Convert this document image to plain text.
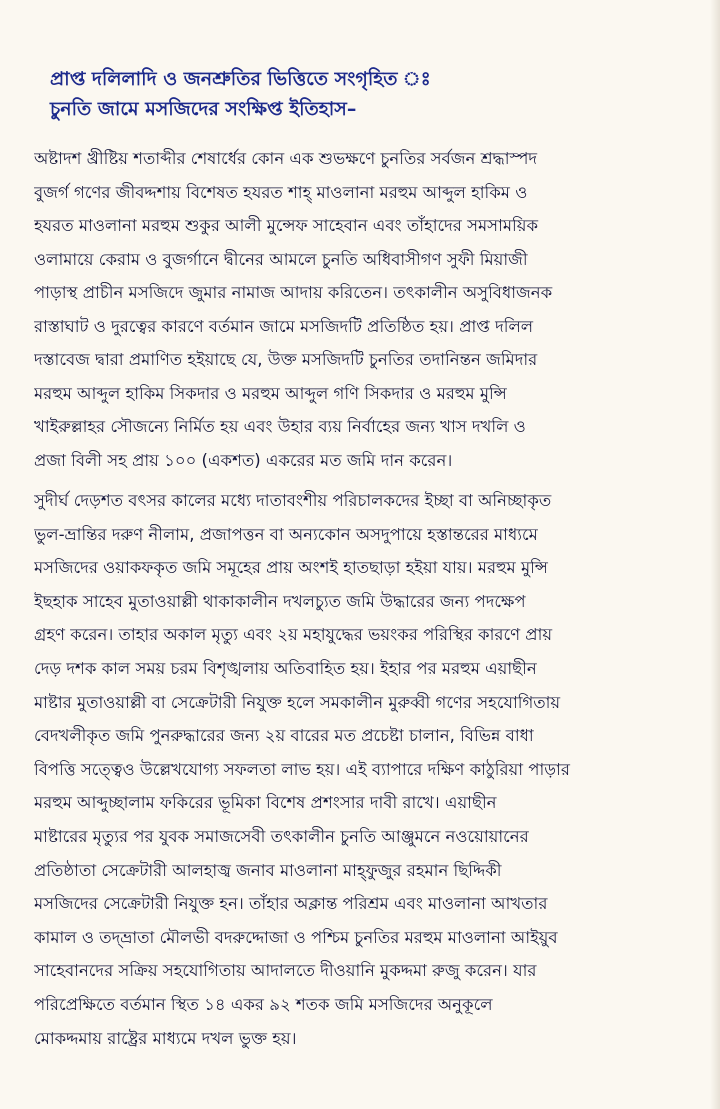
প্রাপ্ত দলিলাদি ও জনশ্রুতির ভিত্তিতে সংগৃহিত ঃ
চুনতি জামে মসজিদের সংক্ষিপ্ত ইতিহাস–
অষ্টাদশ খ্রীষ্টিয় শতাব্দীর শেষার্ধের কোন এক শুভক্ষণে চুনতির সর্বজন শ্রদ্ধাস্পদ
বুজর্গ গণের জীবদ্দশায় বিশেষত হযরত শাহ্ মাওলানা মরহুম আব্দুল হাকিম ও
হযরত মাওলানা মরহুম শুকুর আলী মুন্সেফ সাহেবান এবং তাঁহাদের সমসাময়িক
ওলামায়ে কেরাম ও বুজর্গানে দ্বীনের আমলে চুনতি অধিবাসীগণ সুফী মিয়াজী
পাড়াস্থ প্রাচীন মসজিদে জুমার নামাজ আদায় করিতেন। তৎকালীন অসুবিধাজনক
রাস্তাঘাট ও দুরত্বের কারণে বর্তমান জামে মসজিদটি প্রতিষ্ঠিত হয়। প্রাপ্ত দলিল
দস্তাবেজ দ্বারা প্রমাণিত হইয়াছে যে, উক্ত মসজিদটি চুনতির তদানিন্তন জমিদার
মরহুম আব্দুল হাকিম সিকদার ও মরহুম আব্দুল গণি সিকদার ও মরহুম মুন্সি
খাইরুল্লাহর সৌজন্যে নির্মিত হয় এবং উহার ব্যয় নির্বাহের জন্য খাস দখলি ও
প্রজা বিলী সহ প্রায় ১০০ (একশত) একরের মত জমি দান করেন।
সুদীর্ঘ দেড়শত বৎসর কালের মধ্যে দাতাবংশীয় পরিচালকদের ইচ্ছা বা অনিচ্ছাকৃত
ভুল-ভ্রান্তির দরুণ নীলাম, প্রজাপত্তন বা অন্যকোন অসদুপায়ে হস্তান্তরের মাধ্যমে
মসজিদের ওয়াকফকৃত জমি সমূহের প্রায় অংশই হাতছাড়া হইয়া যায়। মরহুম মুন্সি
ইছহাক সাহেব মুতাওয়াল্লী থাকাকালীন দখলচ্যুত জমি উদ্ধারের জন্য পদক্ষেপ
গ্রহণ করেন। তাহার অকাল মৃত্যু এবং ২য় মহাযুদ্ধের ভয়ংকর পরিস্থির কারণে প্রায়
দেড় দশক কাল সময় চরম বিশৃঙ্খলায় অতিবাহিত হয়। ইহার পর মরহুম এয়াছীন
মাষ্টার মুতাওয়াল্লী বা সেক্রেটারী নিযুক্ত হলে সমকালীন মুরুব্বী গণের সহযোগিতায়
বেদখলীকৃত জমি পুনরুদ্ধারের জন্য ২য় বারের মত প্রচেষ্টা চালান, বিভিন্ন বাধা
বিপত্তি সত্ত্বেও উল্লেখযোগ্য সফলতা লাভ হয়। এই ব্যাপারে দক্ষিণ কাঠুরিয়া পাড়ার
মরহুম আব্দুচ্ছালাম ফকিরের ভূমিকা বিশেষ প্রশংসার দাবী রাখে। এয়াছীন
মাষ্টারের মৃত্যুর পর যুবক সমাজসেবী তৎকালীন চুনতি আঞ্জুমনে নওয়োয়ানের
প্রতিষ্ঠাতা সেক্রেটারী আলহাজ্ব জনাব মাওলানা মাহ্ফুজুর রহমান ছিদ্দিকী
মসজিদের সেক্রেটারী নিযুক্ত হন। তাঁহার অক্লান্ত পরিশ্রম এবং মাওলানা আখতার
কামাল ও তদ্‌ভ্রাতা মৌলভী বদরুদ্দোজা ও পশ্চিম চুনতির মরহুম মাওলানা আইয়ুব
সাহেবানদের সক্রিয় সহযোগিতায় আদালতে দীওয়ানি মুকদ্দমা রুজু করেন। যার
পরিপ্রেক্ষিতে বর্তমান স্থিত ১৪ একর ৯২ শতক জমি মসজিদের অনুকূলে
মোকদ্দমায় রাষ্ট্রের মাধ্যমে দখল ভুক্ত হয়।
